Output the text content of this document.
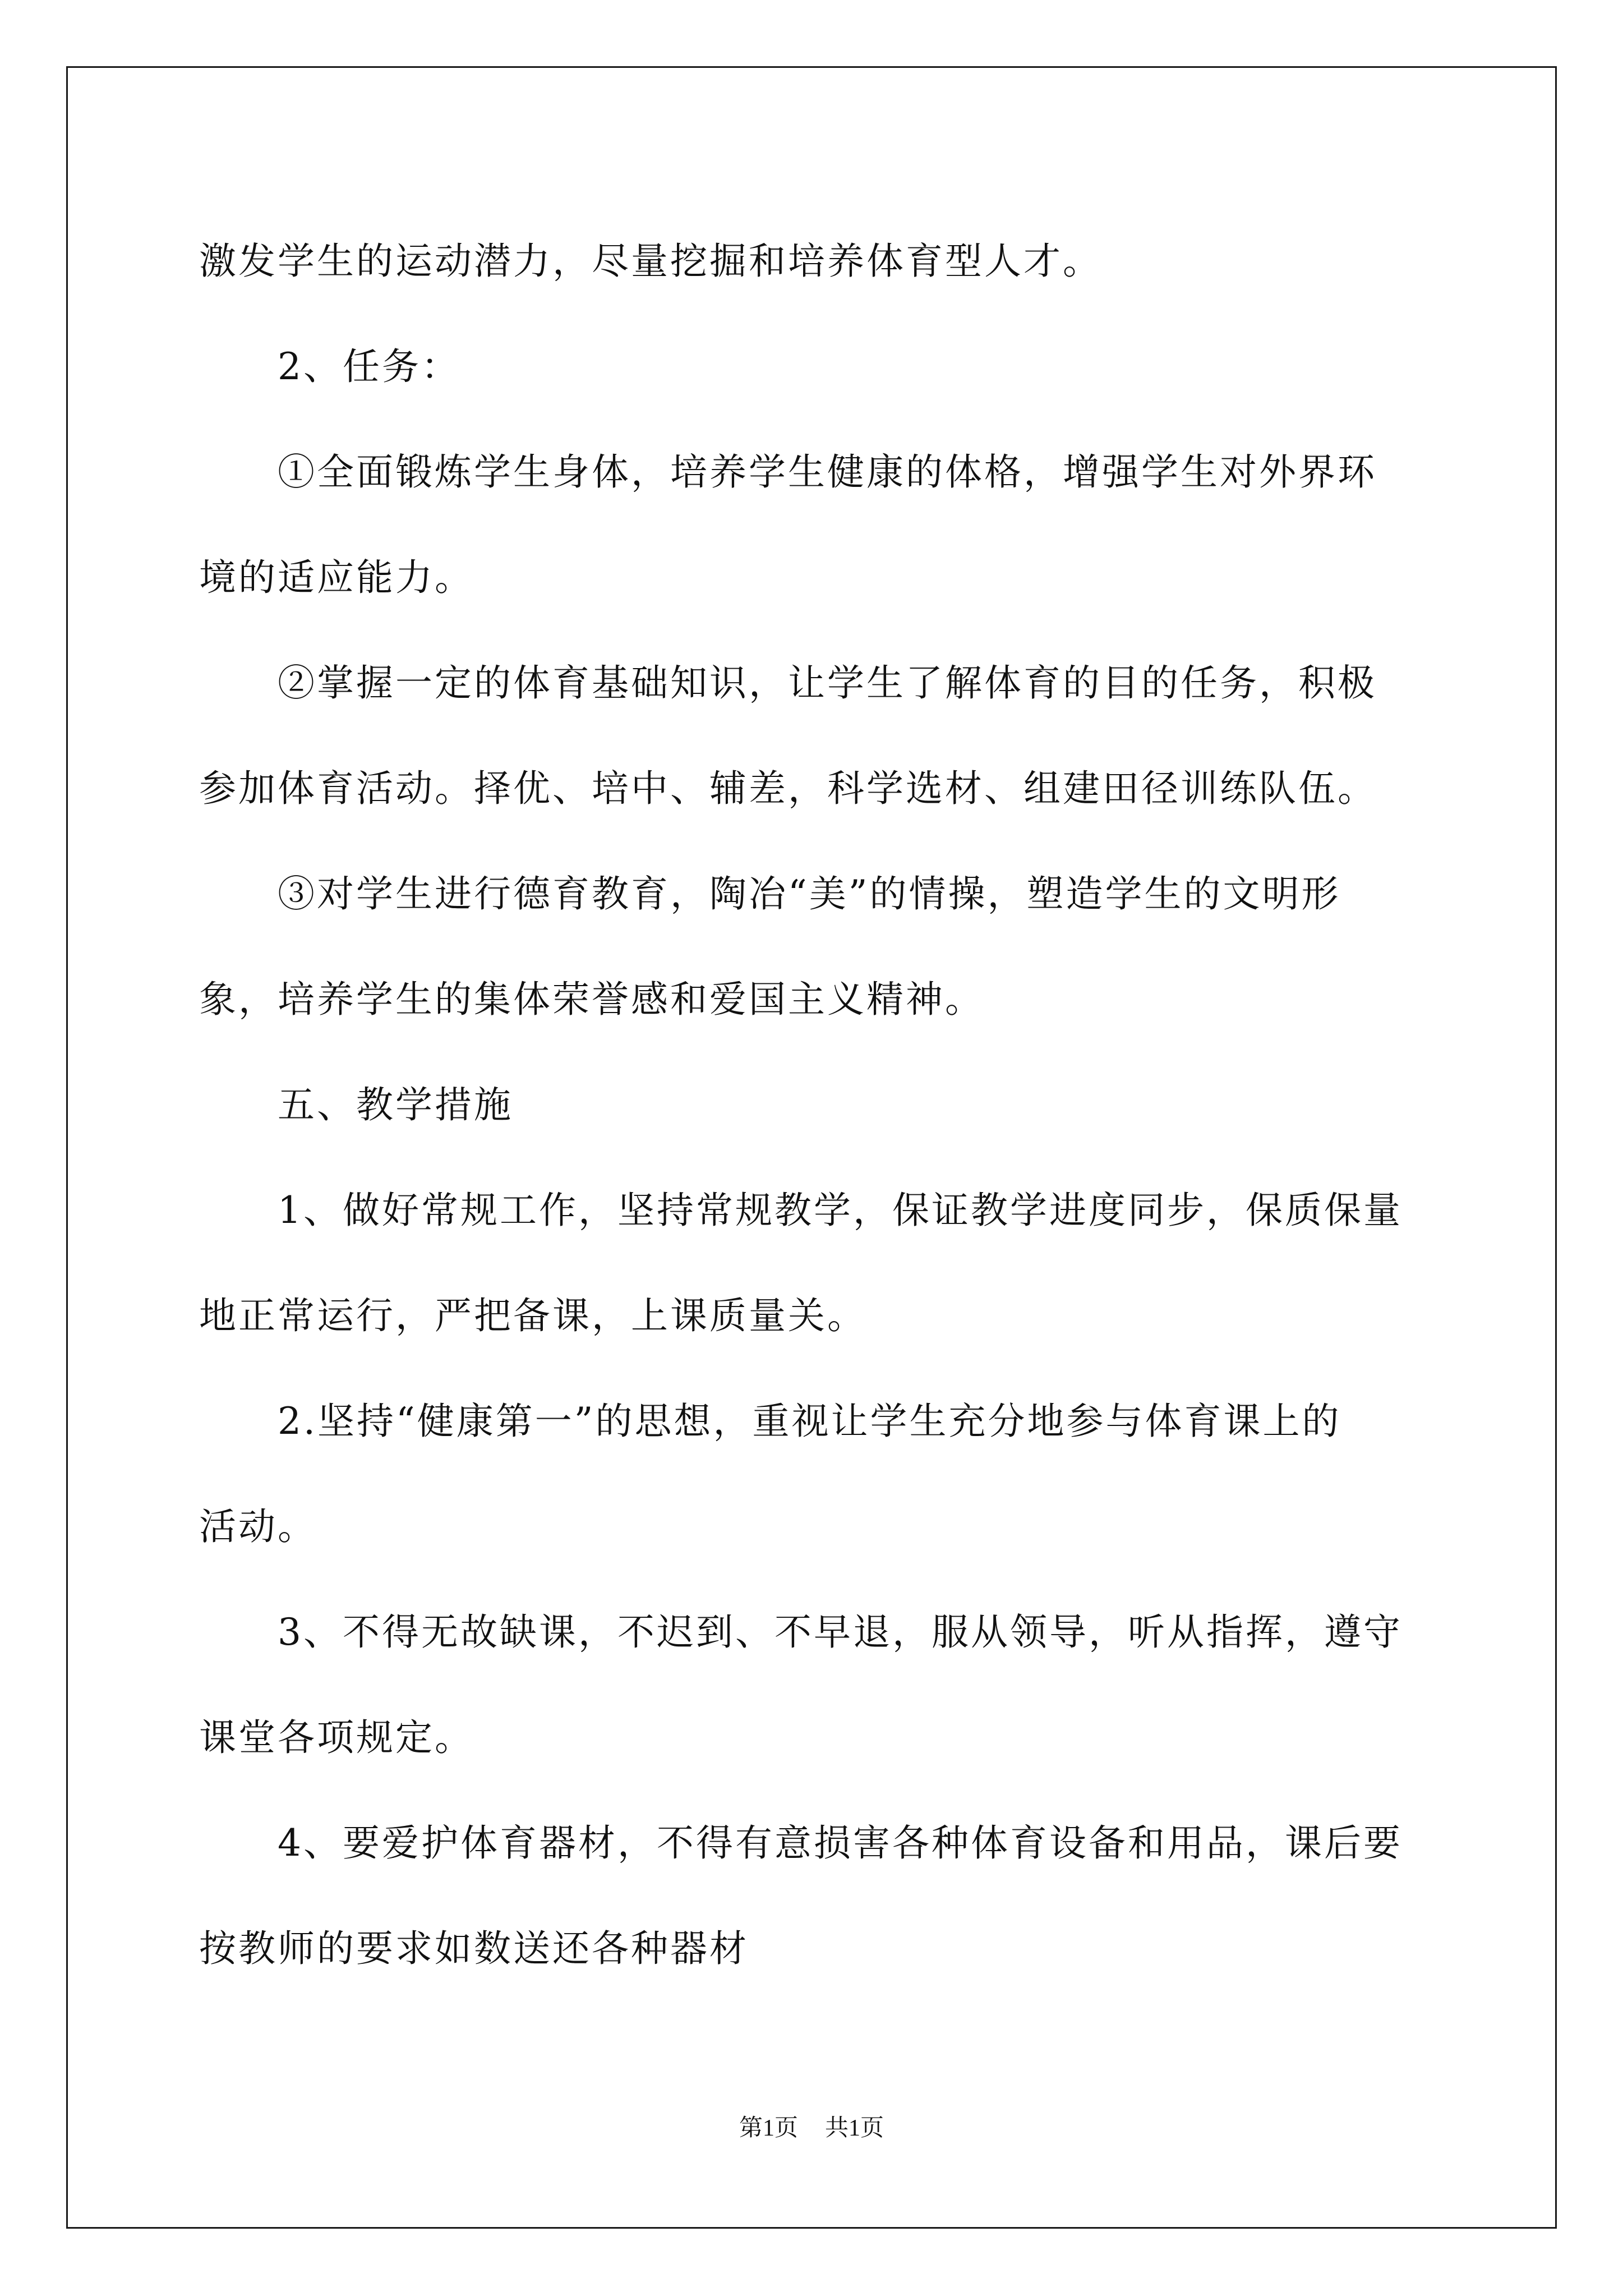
激发学生的运动潜力，尽量挖掘和培养体育型人才。

2、任务：

①全面锻炼学生身体，培养学生健康的体格，增强学生对外界环

境的适应能力。

②掌握一定的体育基础知识，让学生了解体育的目的任务，积极

参加体育活动。择优、培中、辅差，科学选材、组建田径训练队伍。

③对学生进行德育教育，陶冶“美”的情操，塑造学生的文明形

象，培养学生的集体荣誉感和爱国主义精神。

五、教学措施

1、做好常规工作，坚持常规教学，保证教学进度同步，保质保量

地正常运行，严把备课，上课质量关。

2.坚持“健康第一”的思想，重视让学生充分地参与体育课上的

活动。

3、不得无故缺课，不迟到、不早退，服从领导，听从指挥，遵守

课堂各项规定。

4、要爱护体育器材，不得有意损害各种体育设备和用品，课后要

按教师的要求如数送还各种器材

第1页 共1页
